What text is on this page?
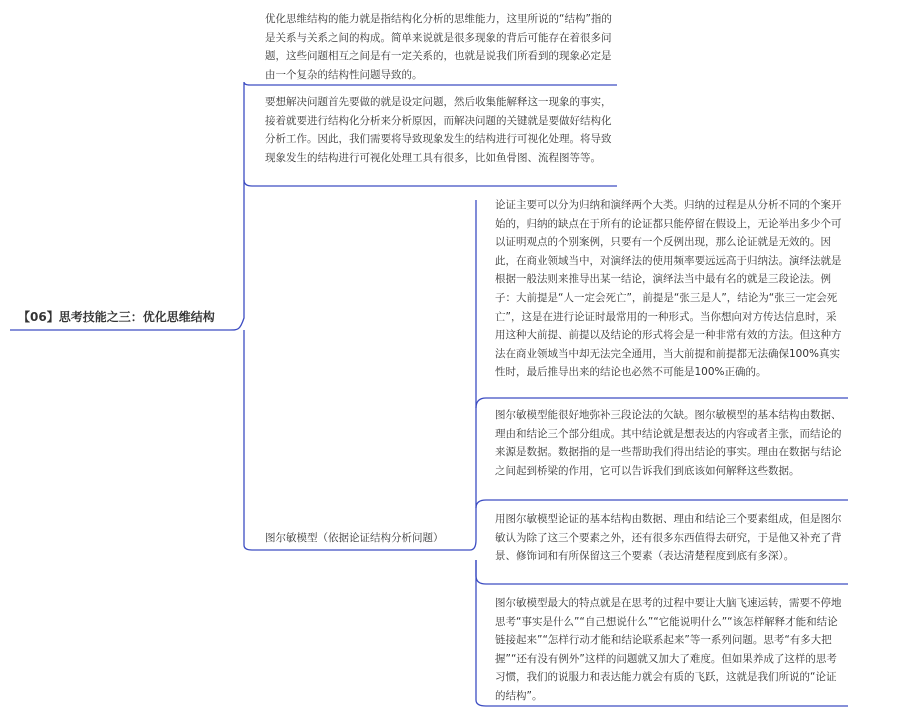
【06】思考技能之三：优化思维结构

优化思维结构的能力就是指结构化分析的思维能力，这里所说的“结构”指的是关系与关系之间的构成。简单来说就是很多现象的背后可能存在着很多问题，这些问题相互之间是有一定关系的，也就是说我们所看到的现象必定是由一个复杂的结构性问题导致的。

要想解决问题首先要做的就是设定问题，然后收集能解释这一现象的事实，接着就要进行结构化分析来分析原因，而解决问题的关键就是要做好结构化分析工作。因此，我们需要将导致现象发生的结构进行可视化处理。将导致现象发生的结构进行可视化处理工具有很多，比如鱼骨图、流程图等等。

图尔敏模型（依据论证结构分析问题）

论证主要可以分为归纳和演绎两个大类。归纳的过程是从分析不同的个案开始的，归纳的缺点在于所有的论证都只能停留在假设上，无论举出多少个可以证明观点的个别案例，只要有一个反例出现，那么论证就是无效的。因此，在商业领域当中，对演绎法的使用频率要远远高于归纳法。演绎法就是根据一般法则来推导出某一结论，演绎法当中最有名的就是三段论法。例子：大前提是“人一定会死亡”，前提是“张三是人”，结论为“张三一定会死亡”，这是在进行论证时最常用的一种形式。当你想向对方传达信息时，采用这种大前提、前提以及结论的形式将会是一种非常有效的方法。但这种方法在商业领域当中却无法完全通用，当大前提和前提都无法确保100%真实性时，最后推导出来的结论也必然不可能是100%正确的。

图尔敏模型能很好地弥补三段论法的欠缺。图尔敏模型的基本结构由数据、理由和结论三个部分组成。其中结论就是想表达的内容或者主张，而结论的来源是数据。数据指的是一些帮助我们得出结论的事实。理由在数据与结论之间起到桥梁的作用，它可以告诉我们到底该如何解释这些数据。

用图尔敏模型论证的基本结构由数据、理由和结论三个要素组成，但是图尔敏认为除了这三个要素之外，还有很多东西值得去研究，于是他又补充了背景、修饰词和有所保留这三个要素（表达清楚程度到底有多深）。

图尔敏模型最大的特点就是在思考的过程中要让大脑飞速运转，需要不停地思考“事实是什么”“自己想说什么”“它能说明什么”“该怎样解释才能和结论链接起来”“怎样行动才能和结论联系起来”等一系列问题。思考“有多大把握”“还有没有例外”这样的问题就又加大了难度。但如果养成了这样的思考习惯，我们的说服力和表达能力就会有质的飞跃，这就是我们所说的“论证的结构”。
